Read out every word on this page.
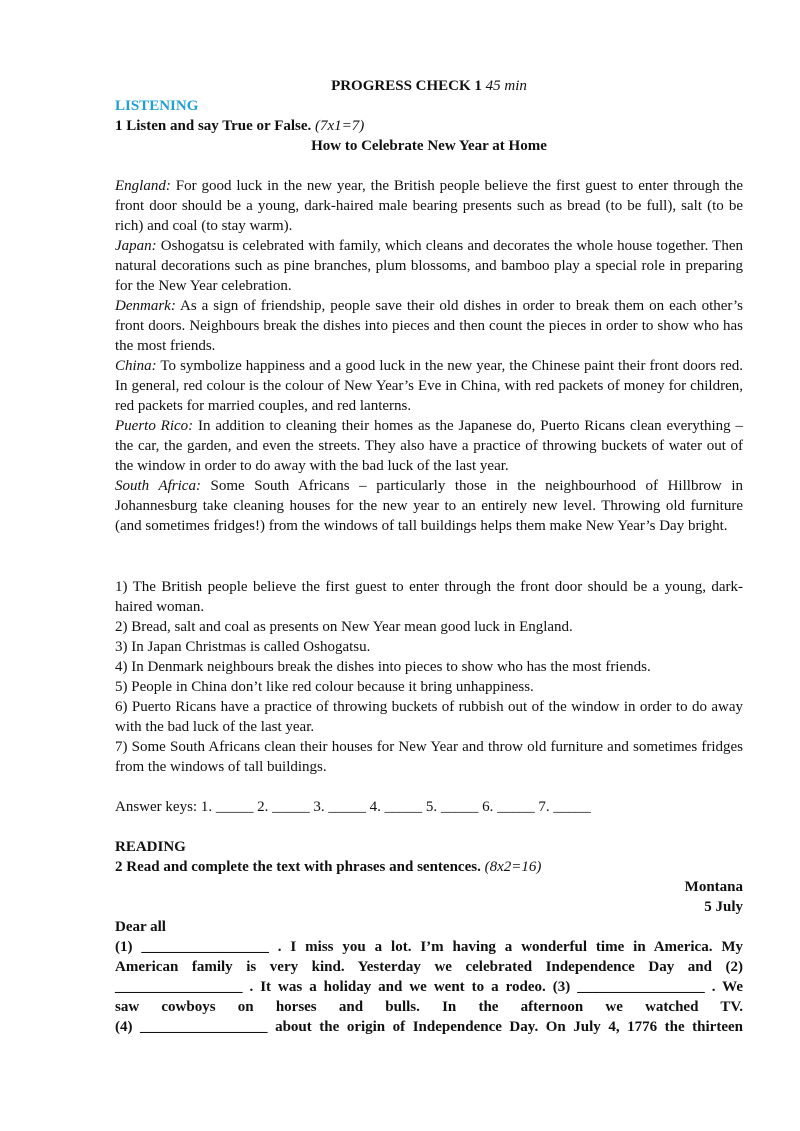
PROGRESS CHECK 1 45 min
LISTENING
1 Listen and say True or False. (7x1=7)
How to Celebrate New Year at Home

England: For good luck in the new year, the British people believe the first guest to enter through the front door should be a young, dark-haired male bearing presents such as bread (to be full), salt (to be rich) and coal (to stay warm).

Japan: Oshogatsu is celebrated with family, which cleans and decorates the whole house together. Then natural decorations such as pine branches, plum blossoms, and bamboo play a special role in preparing for the New Year celebration.

Denmark: As a sign of friendship, people save their old dishes in order to break them on each other’s front doors. Neighbours break the dishes into pieces and then count the pieces in order to show who has the most friends.

China: To symbolize happiness and a good luck in the new year, the Chinese paint their front doors red. In general, red colour is the colour of New Year’s Eve in China, with red packets of money for children, red packets for married couples, and red lanterns.

Puerto Rico: In addition to cleaning their homes as the Japanese do, Puerto Ricans clean everything – the car, the garden, and even the streets. They also have a practice of throwing buckets of water out of the window in order to do away with the bad luck of the last year.

South Africa: Some South Africans – particularly those in the neighbourhood of Hillbrow in Johannesburg take cleaning houses for the new year to an entirely new level. Throwing old furniture (and sometimes fridges!) from the windows of tall buildings helps them make New Year’s Day bright.

1) The British people believe the first guest to enter through the front door should be a young, dark-haired woman.

2) Bread, salt and coal as presents on New Year mean good luck in England.

3) In Japan Christmas is called Oshogatsu.

4) In Denmark neighbours break the dishes into pieces to show who has the most friends.

5) People in China don’t like red colour because it bring unhappiness.

6) Puerto Ricans have a practice of throwing buckets of rubbish out of the window in order to do away with the bad luck of the last year.

7) Some South Africans clean their houses for New Year and throw old furniture and sometimes fridges from the windows of tall buildings.

Answer keys: 1. _____ 2. _____ 3. _____ 4. _____ 5. _____ 6. _____ 7. _____
READING
2 Read and complete the text with phrases and sentences. (8x2=16)
Montana
5 July
Dear all
(1) _________________ . I miss you a lot. I’m having a wonderful time in America. My
American family is very kind. Yesterday we celebrated Independence Day and (2)
_________________ . It was a holiday and we went to a rodeo. (3) _________________ . We
saw cowboys on horses and bulls. In the afternoon we watched TV.
(4) _________________ about the origin of Independence Day. On July 4, 1776 the thirteen
